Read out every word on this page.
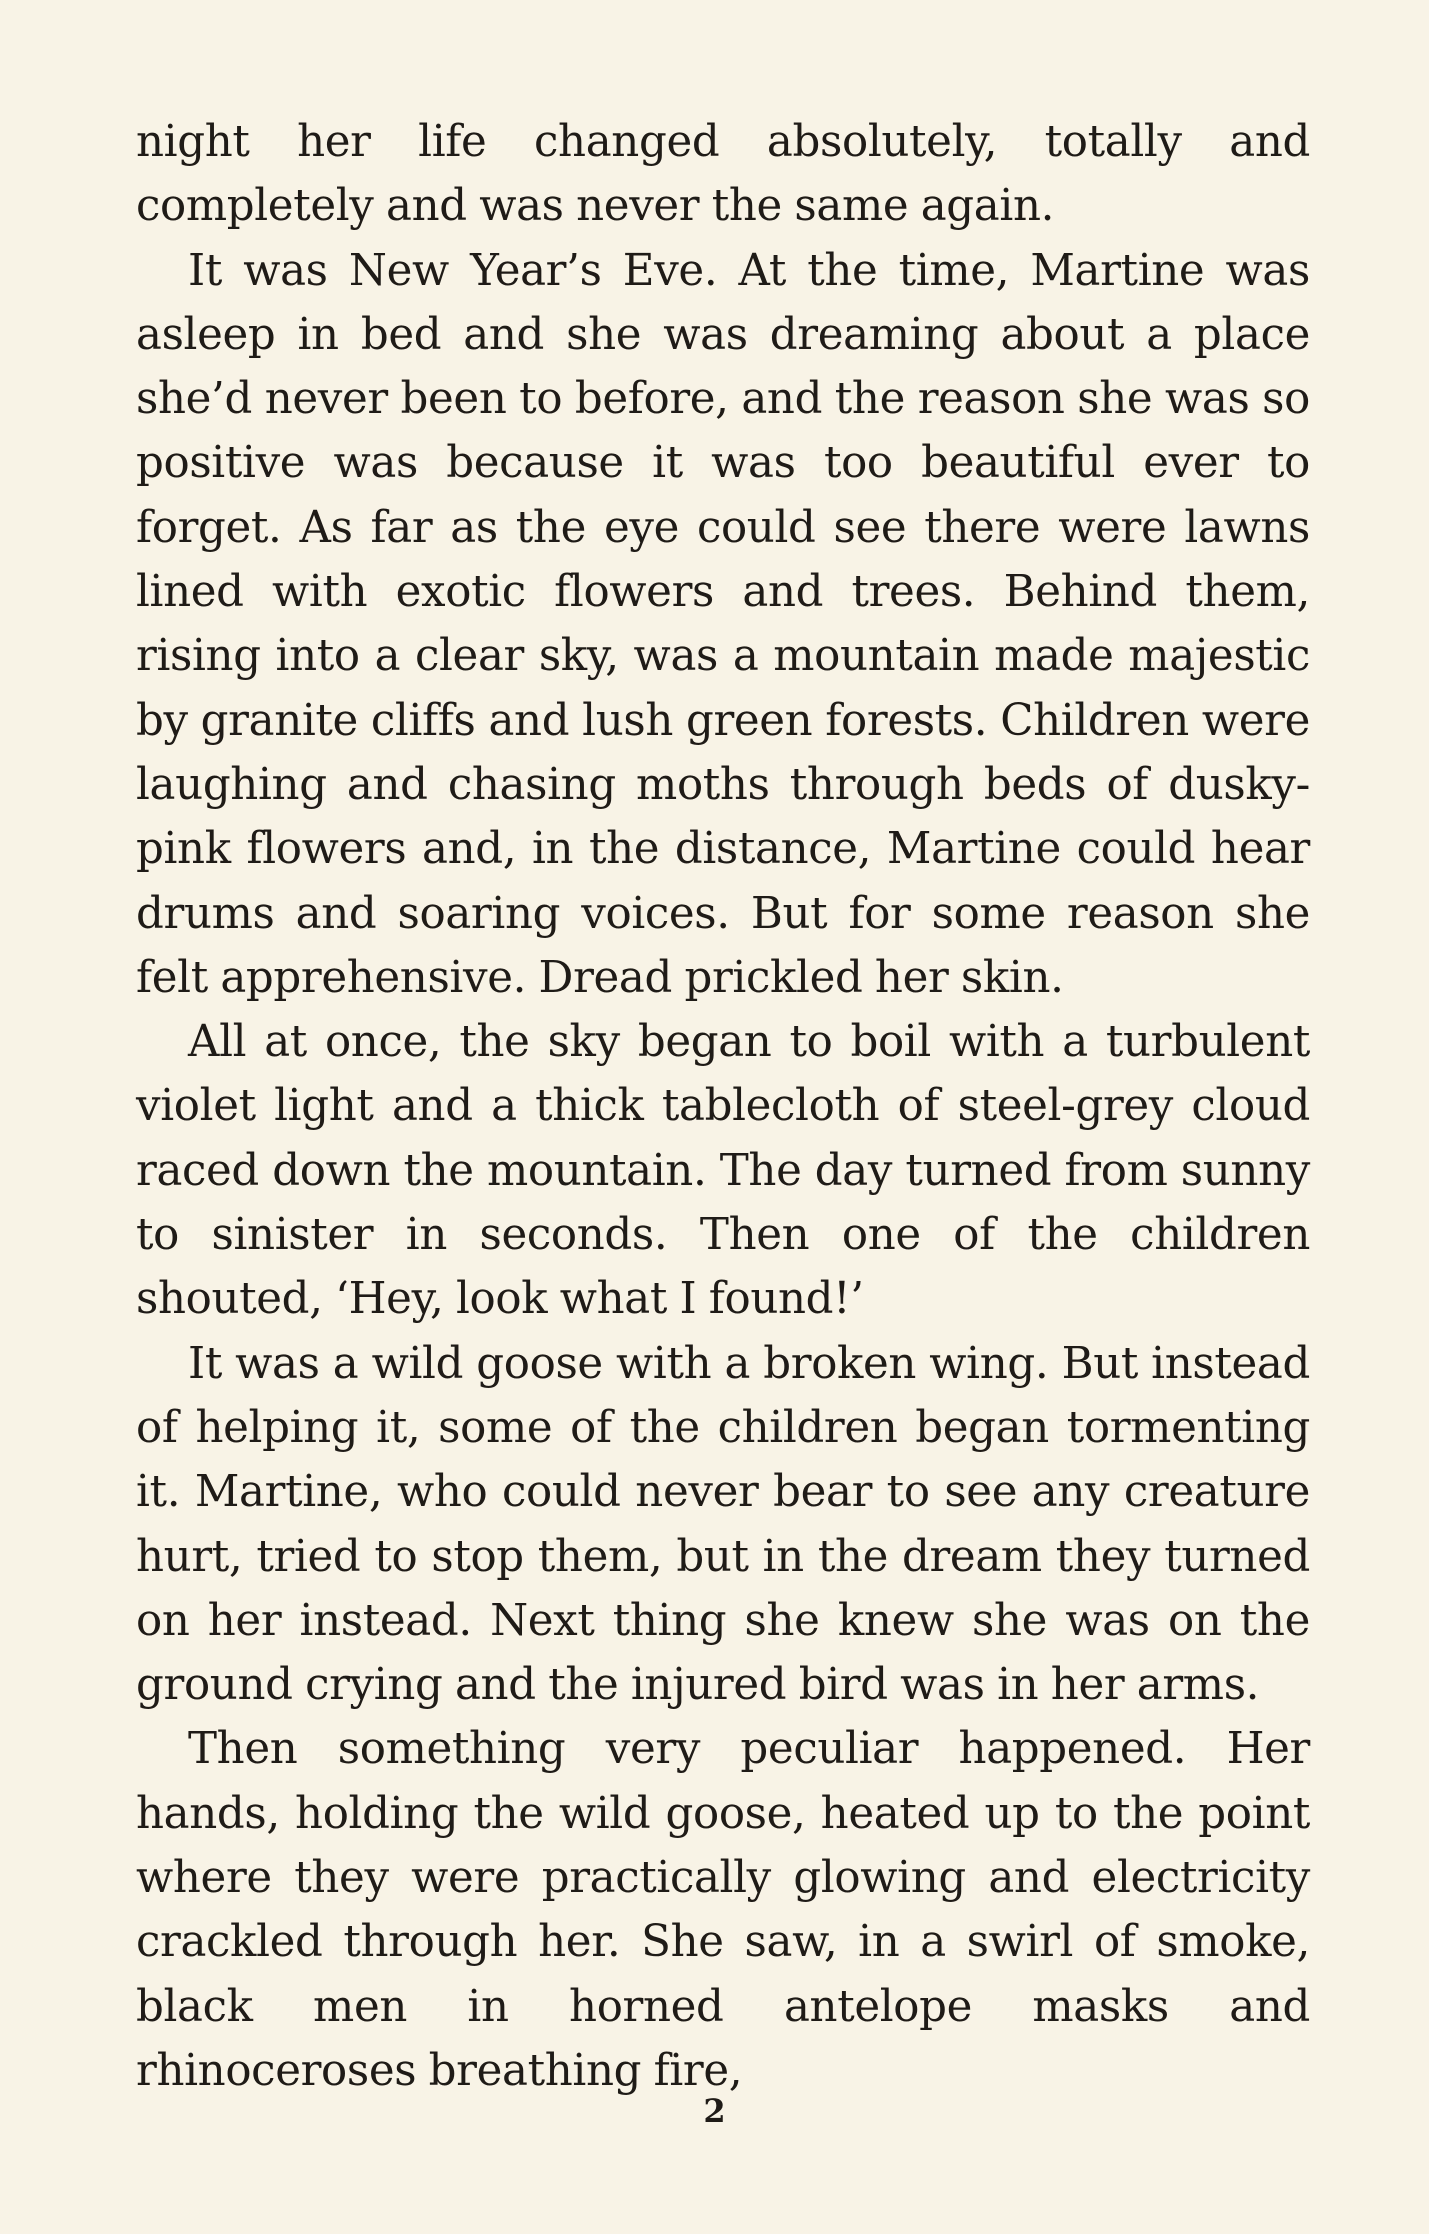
night her life changed absolutely, totally and completely and was never the same again.

It was New Year’s Eve. At the time, Martine was asleep in bed and she was dreaming about a place she’d never been to before, and the reason she was so positive was because it was too beautiful ever to forget. As far as the eye could see there were lawns lined with exotic flowers and trees. Behind them, rising into a clear sky, was a mountain made majestic by granite cliffs and lush green forests. Children were laughing and chasing moths through beds of dusky-pink flowers and, in the distance, Martine could hear drums and soaring voices. But for some reason she felt apprehensive. Dread prickled her skin.

All at once, the sky began to boil with a turbulent violet light and a thick tablecloth of steel-grey cloud raced down the mountain. The day turned from sunny to sinister in seconds. Then one of the children shouted, ‘Hey, look what I found!’

It was a wild goose with a broken wing. But instead of helping it, some of the children began tormenting it. Martine, who could never bear to see any creature hurt, tried to stop them, but in the dream they turned on her instead. Next thing she knew she was on the ground crying and the injured bird was in her arms.

Then something very peculiar happened. Her hands, holding the wild goose, heated up to the point where they were practically glowing and electricity crackled through her. She saw, in a swirl of smoke, black men in horned antelope masks and rhinoceroses breathing fire,

2
